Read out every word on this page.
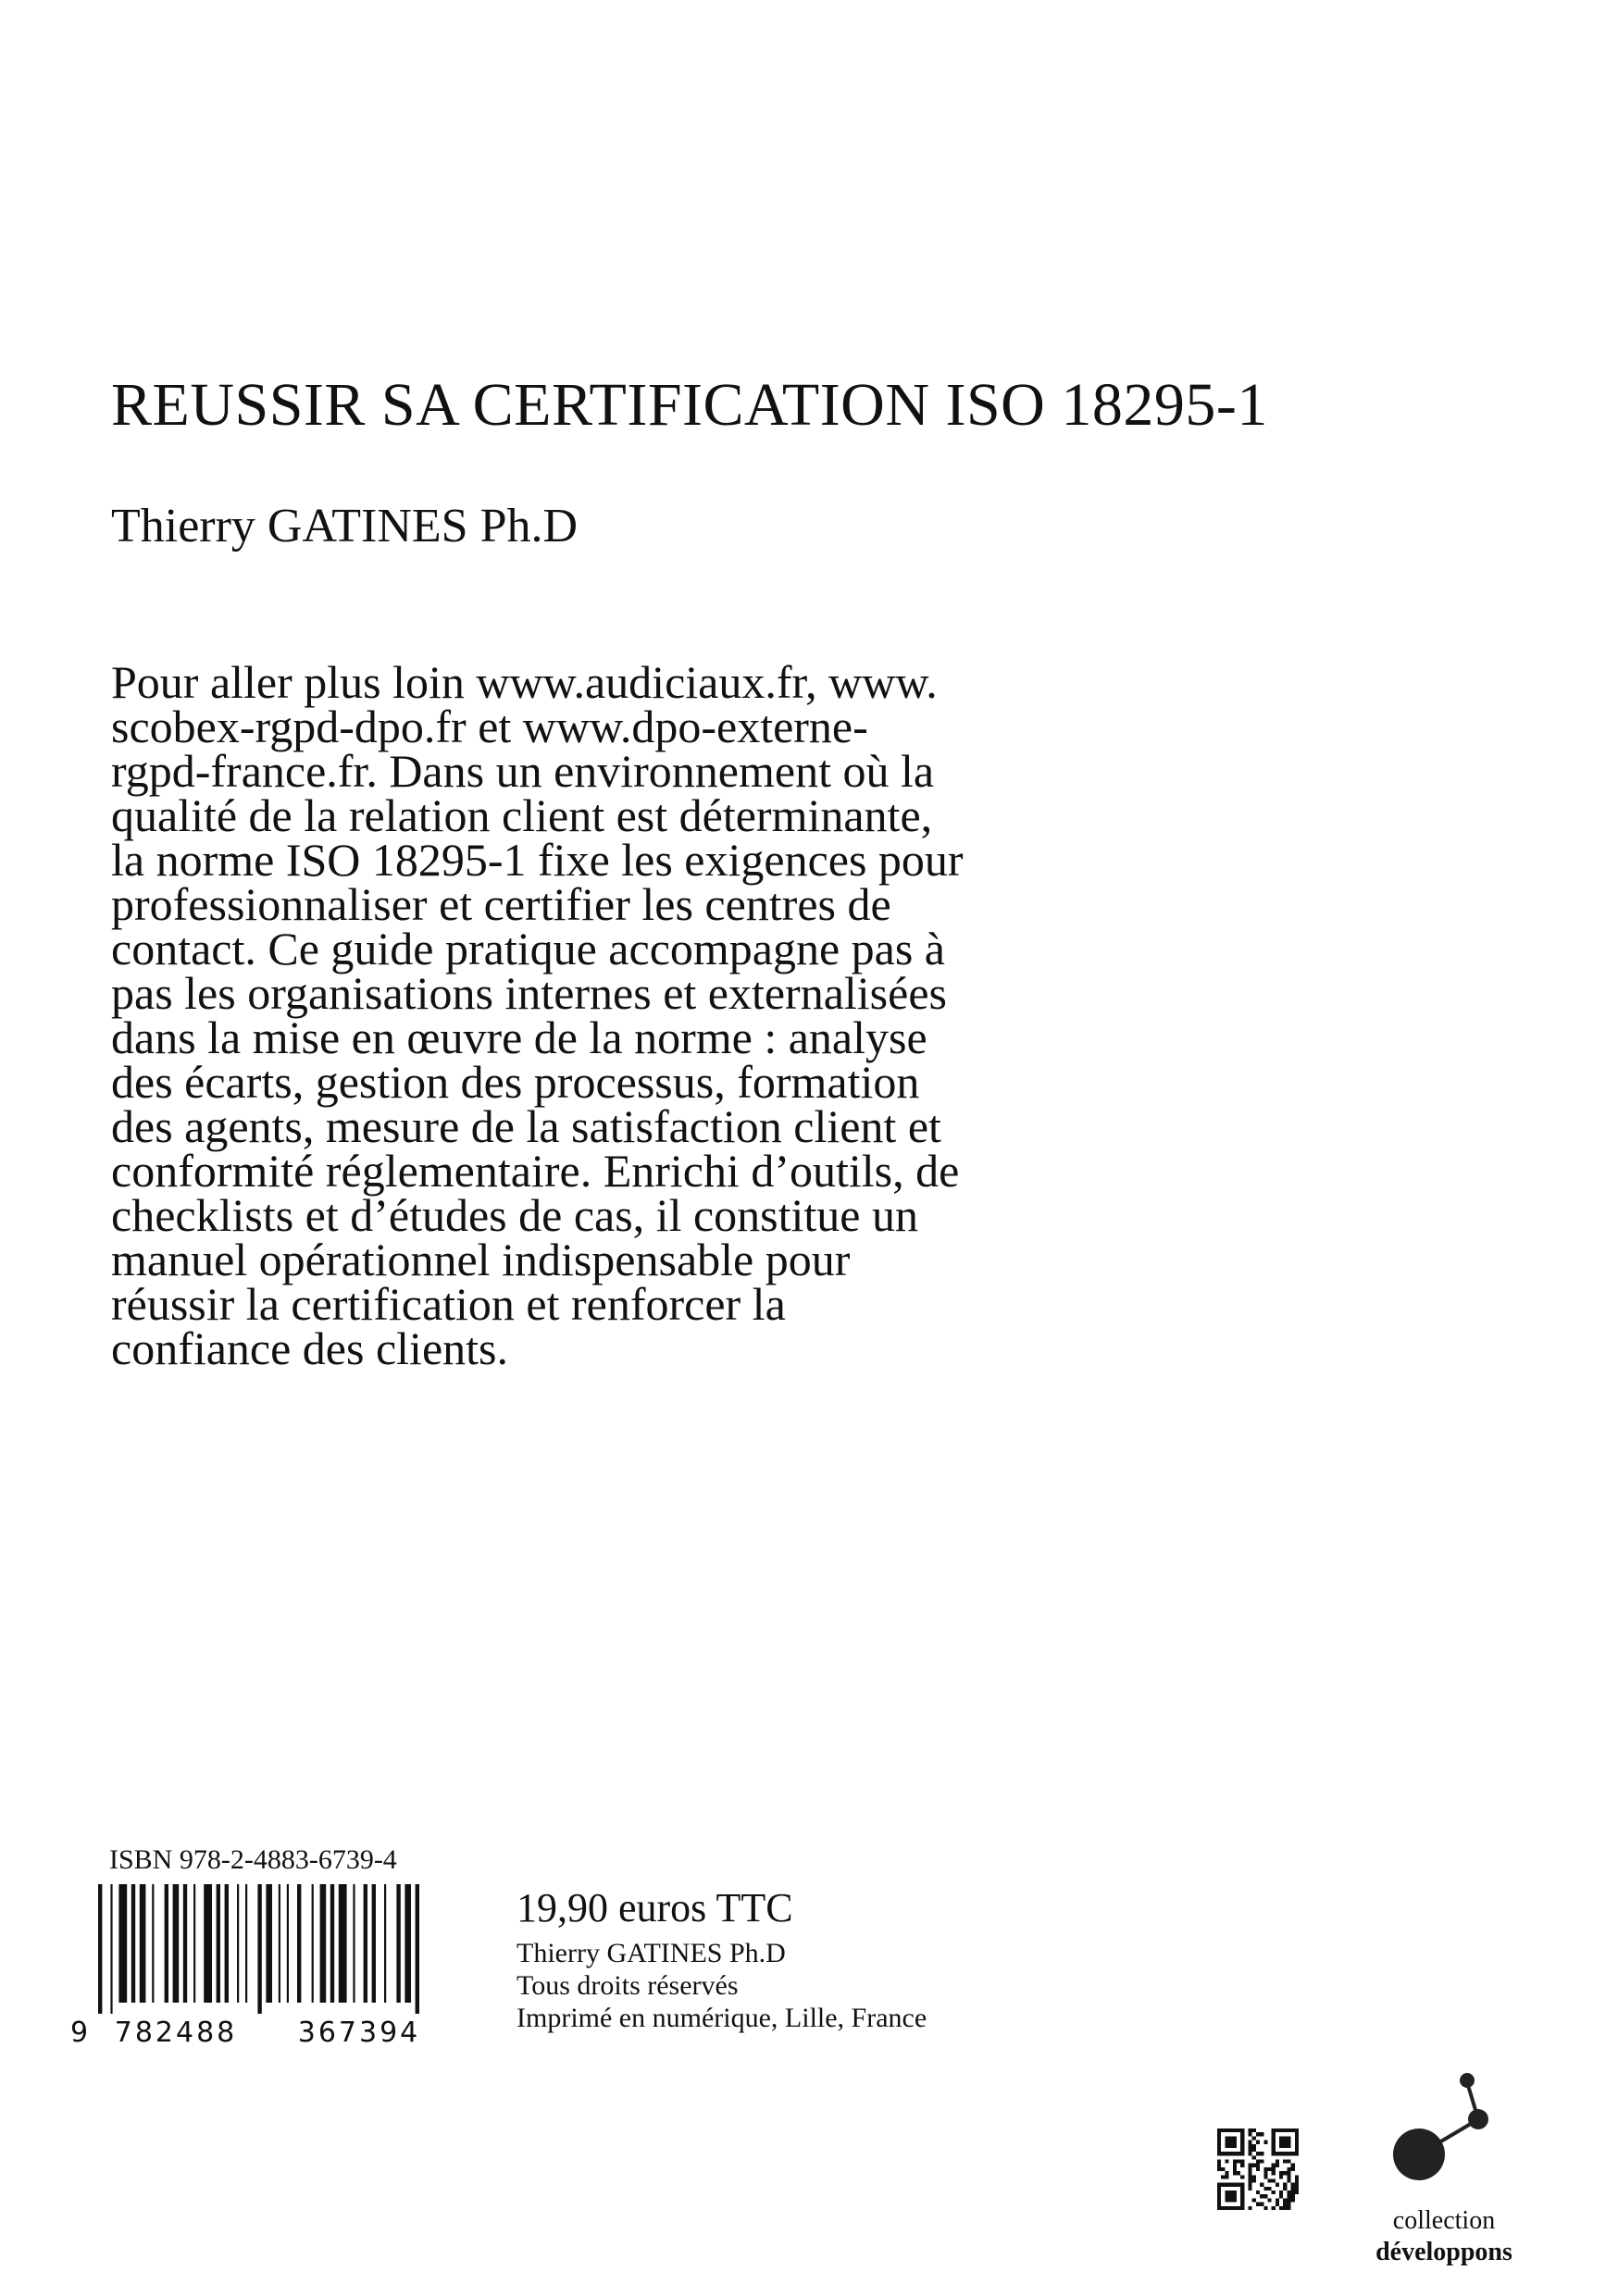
REUSSIR SA CERTIFICATION ISO 18295-1
Thierry GATINES Ph.D

Pour aller plus loin www.audiciaux.fr, www.
scobex-rgpd-dpo.fr et www.dpo-externe-
rgpd-france.fr. Dans un environnement où la
qualité de la relation client est déterminante,
la norme ISO 18295-1 fixe les exigences pour
professionnaliser et certifier les centres de
contact. Ce guide pratique accompagne pas à
pas les organisations internes et externalisées
dans la mise en œuvre de la norme : analyse
des écarts, gestion des processus, formation
des agents, mesure de la satisfaction client et
conformité réglementaire. Enrichi d’outils, de
checklists et d’études de cas, il constitue un
manuel opérationnel indispensable pour
réussir la certification et renforcer la
confiance des clients.

ISBN 978-2-4883-6739-4
9 782488 367394
19,90 euros TTC
Thierry GATINES Ph.D
Tous droits réservés
Imprimé en numérique, Lille, France
collection
développons
